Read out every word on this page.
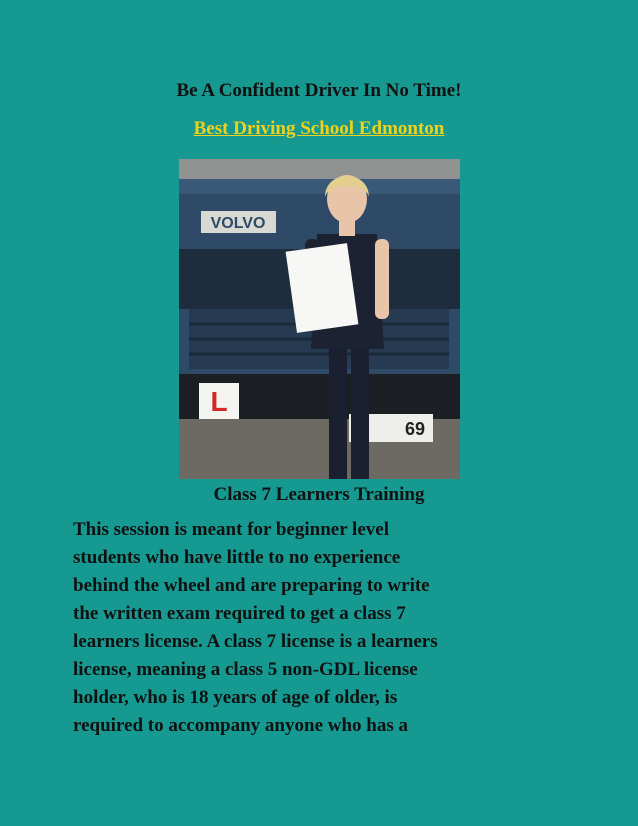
Be A Confident Driver In No Time!
Best Driving School Edmonton
VOLVO
L
69
Class 7 Learners Training

This session is meant for beginner level
students who have little to no experience
behind the wheel and are preparing to write
the written exam required to get a class 7
learners license. A class 7 license is a learners
license, meaning a class 5 non-GDL license
holder, who is 18 years of age of older, is
required to accompany anyone who has a
